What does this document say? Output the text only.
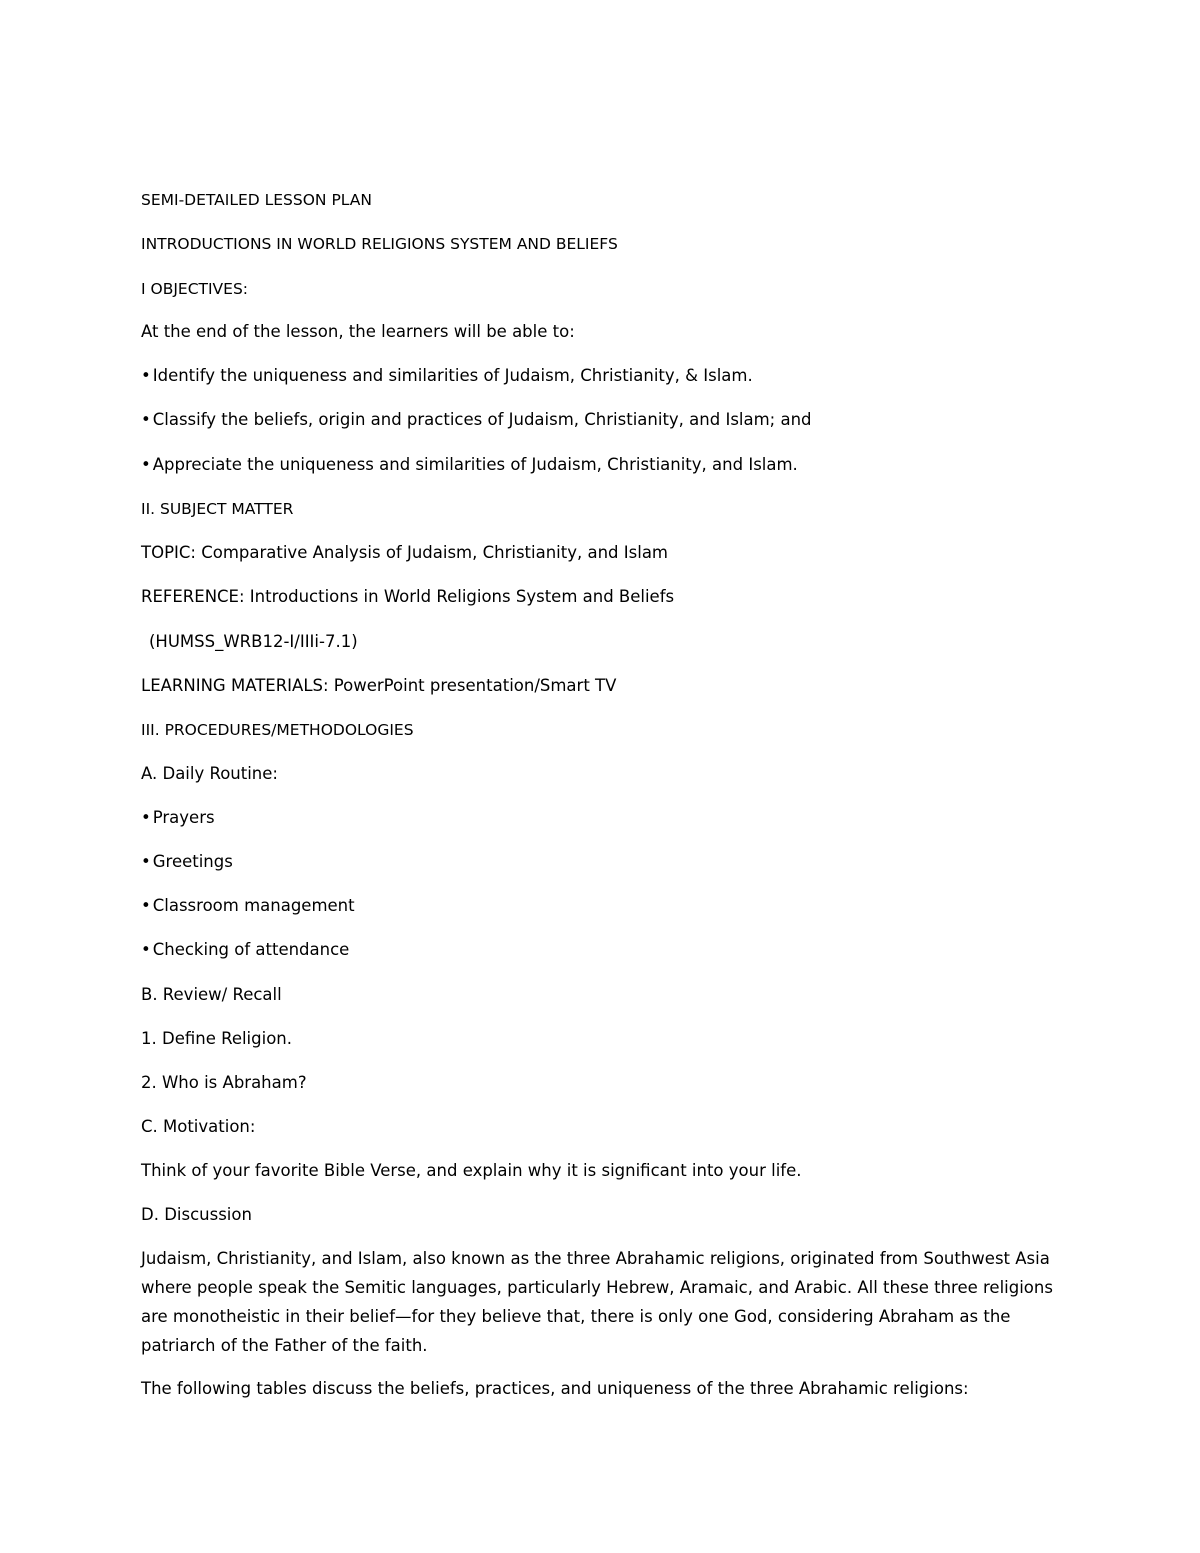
SEMI-DETAILED LESSON PLAN
INTRODUCTIONS IN WORLD RELIGIONS SYSTEM AND BELIEFS
I OBJECTIVES:
At the end of the lesson, the learners will be able to:
• Identify the uniqueness and similarities of Judaism, Christianity, & Islam.
• Classify the beliefs, origin and practices of Judaism, Christianity, and Islam; and
• Appreciate the uniqueness and similarities of Judaism, Christianity, and Islam.
II. SUBJECT MATTER
TOPIC: Comparative Analysis of Judaism, Christianity, and Islam
REFERENCE: Introductions in World Religions System and Beliefs
(HUMSS_WRB12-I/IIIi-7.1)
LEARNING MATERIALS: PowerPoint presentation/Smart TV
III. PROCEDURES/METHODOLOGIES
A. Daily Routine:
• Prayers
• Greetings
• Classroom management
• Checking of attendance
B. Review/ Recall
1. Define Religion.
2. Who is Abraham?
C. Motivation:
Think of your favorite Bible Verse, and explain why it is significant into your life.
D. Discussion
Judaism, Christianity, and Islam, also known as the three Abrahamic religions, originated from Southwest Asia where people speak the Semitic languages, particularly Hebrew, Aramaic, and Arabic. All these three religions are monotheistic in their belief—for they believe that, there is only one God, considering Abraham as the patriarch of the Father of the faith.
The following tables discuss the beliefs, practices, and uniqueness of the three Abrahamic religions:
